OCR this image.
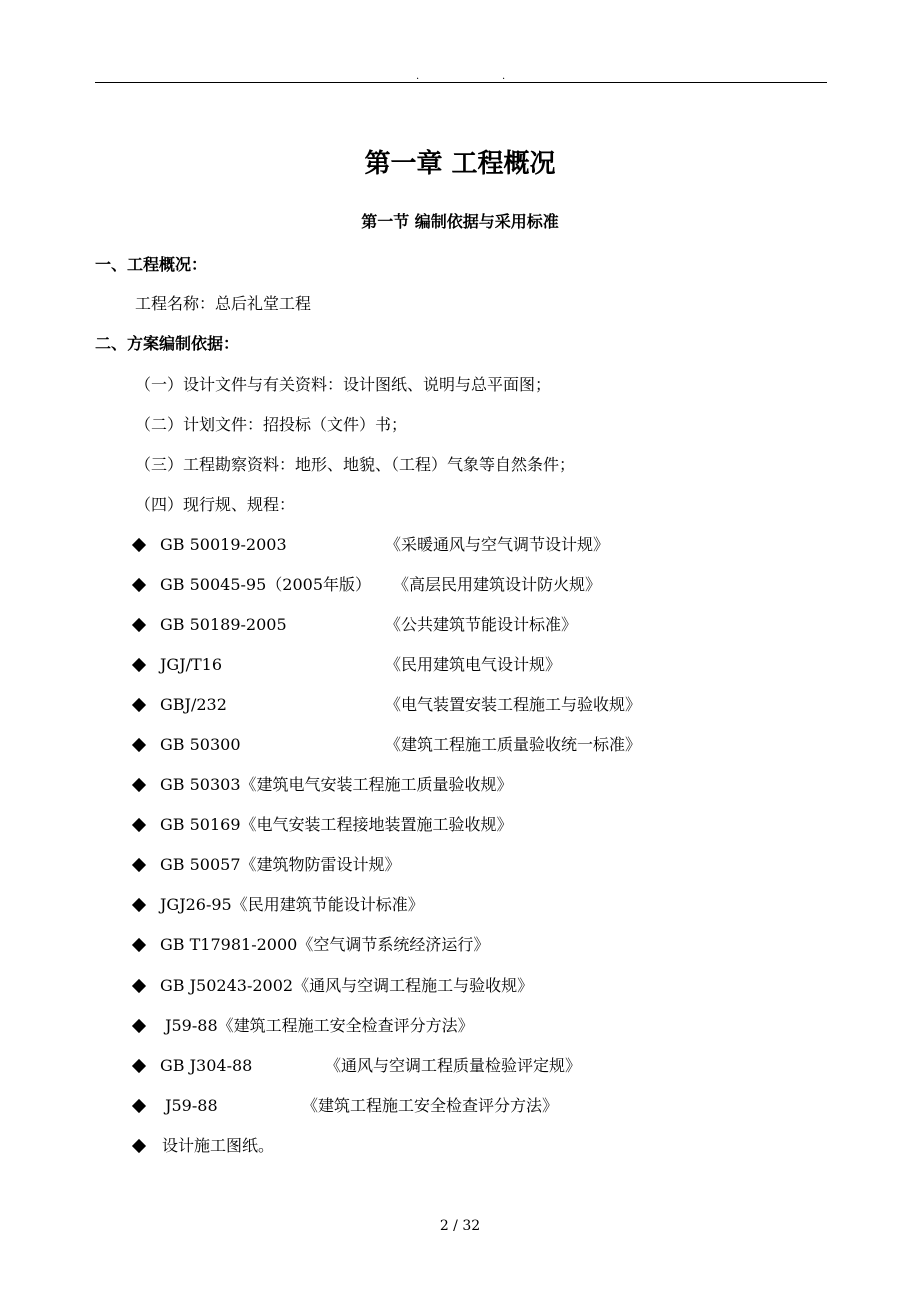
.	.
第一章 工程概况
第一节 编制依据与采用标准
一、工程概况：
工程名称：总后礼堂工程
二、方案编制依据：
（一）设计文件与有关资料：设计图纸、说明与总平面图；
（二）计划文件：招投标（文件）书；
（三）工程勘察资料：地形、地貌、（工程）气象等自然条件；
（四）现行规、规程：

GB 50019-2003

	《采暖通风与空气调节设计规》

GB 50045-95（2005年版）

《高层民用建筑设计防火规》

GB 50189-2005

	《公共建筑节能设计标准》

JGJ/T16

	《民用建筑电气设计规》

GBJ/232

	《电气装置安装工程施工与验收规》

GB 50300

	《建筑工程施工质量验收统一标准》

GB 50303《建筑电气安装工程施工质量验收规》

GB 50169《电气安装工程接地装置施工验收规》

GB 50057《建筑物防雷设计规》

JGJ26-95《民用建筑节能设计标准》

GB T17981-2000《空气调节系统经济运行》

GB J50243-2002《通风与空调工程施工与验收规》

J59-88《建筑工程施工安全检查评分方法》

GB J304-88

	《通风与空调工程质量检验评定规》

J59-88

	《建筑工程施工安全检查评分方法》

设计施工图纸。

2 / 32
